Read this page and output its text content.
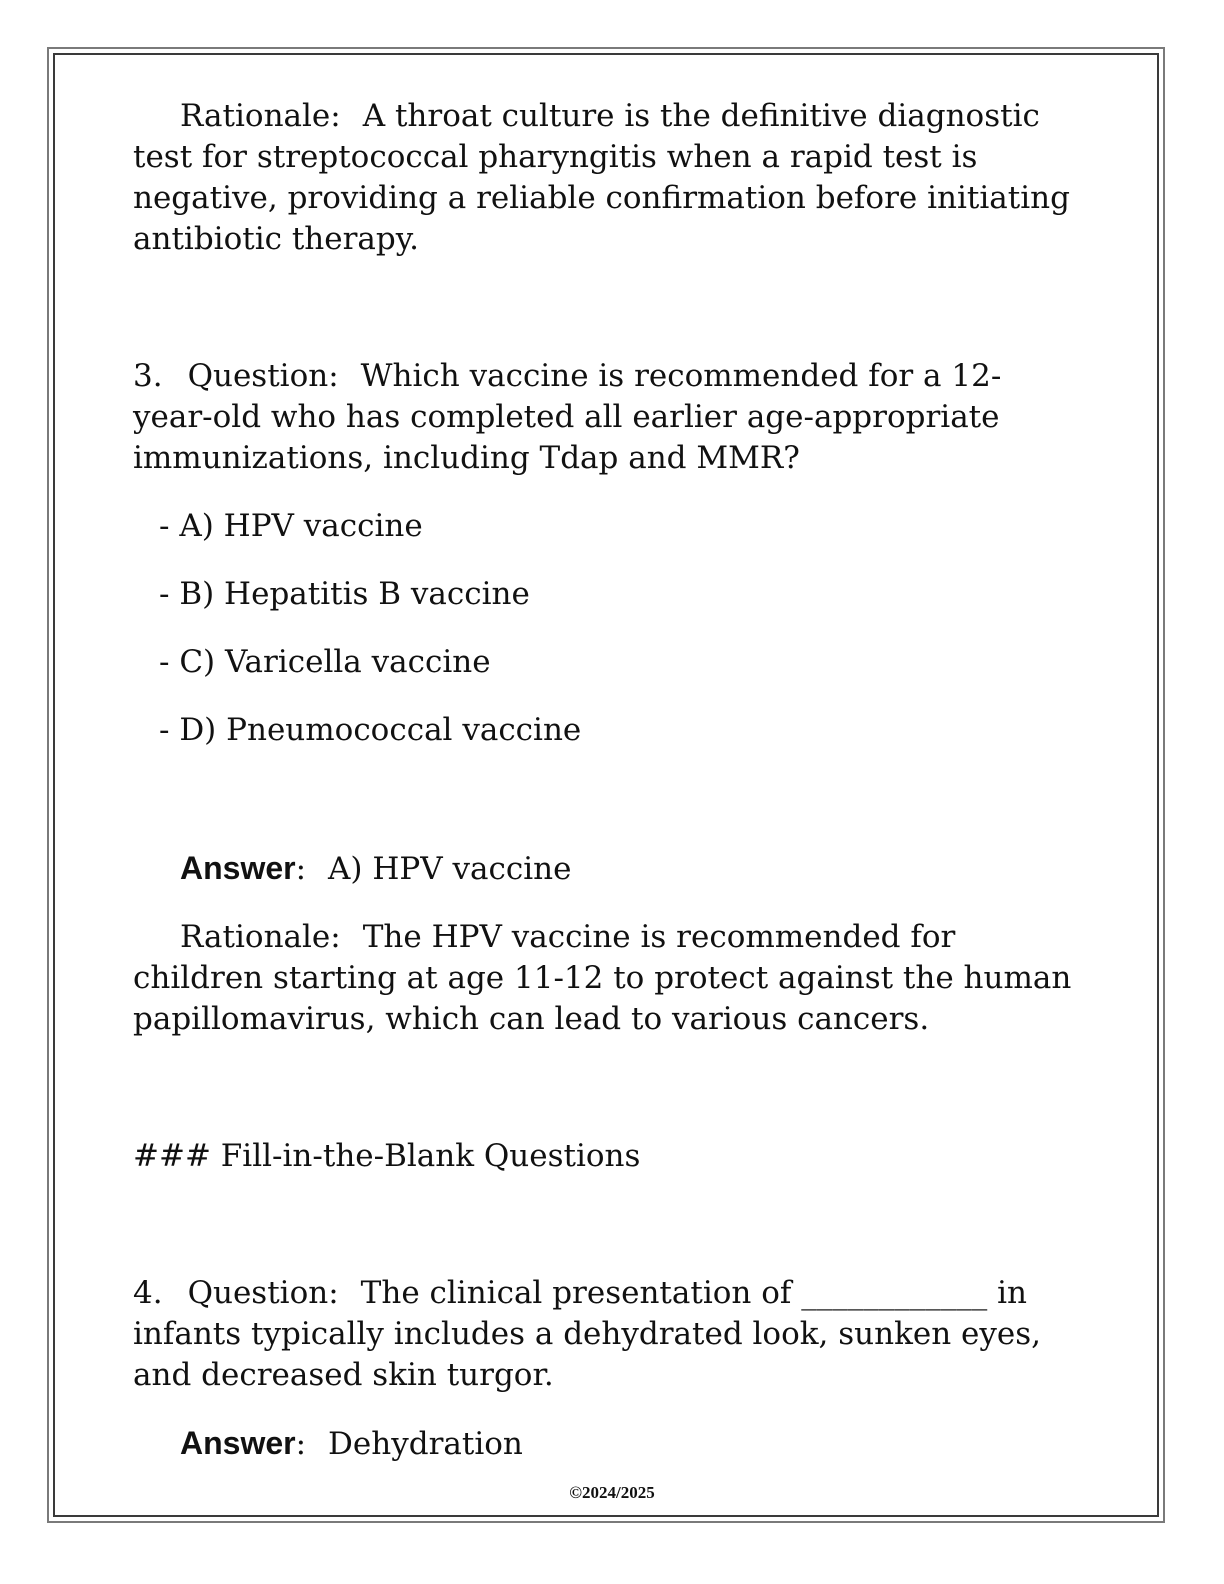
Rationale: A throat culture is the definitive diagnostic test for streptococcal pharyngitis when a rapid test is negative, providing a reliable confirmation before initiating antibiotic therapy.

3. Question: Which vaccine is recommended for a 12-year-old who has completed all earlier age-appropriate immunizations, including Tdap and MMR?

- A) HPV vaccine

- B) Hepatitis B vaccine

- C) Varicella vaccine

- D) Pneumococcal vaccine

Answer: A) HPV vaccine

Rationale: The HPV vaccine is recommended for children starting at age 11-12 to protect against the human papillomavirus, which can lead to various cancers.

### Fill-in-the-Blank Questions

4. Question: The clinical presentation of ____________ in infants typically includes a dehydrated look, sunken eyes, and decreased skin turgor.

Answer: Dehydration

©2024/2025
